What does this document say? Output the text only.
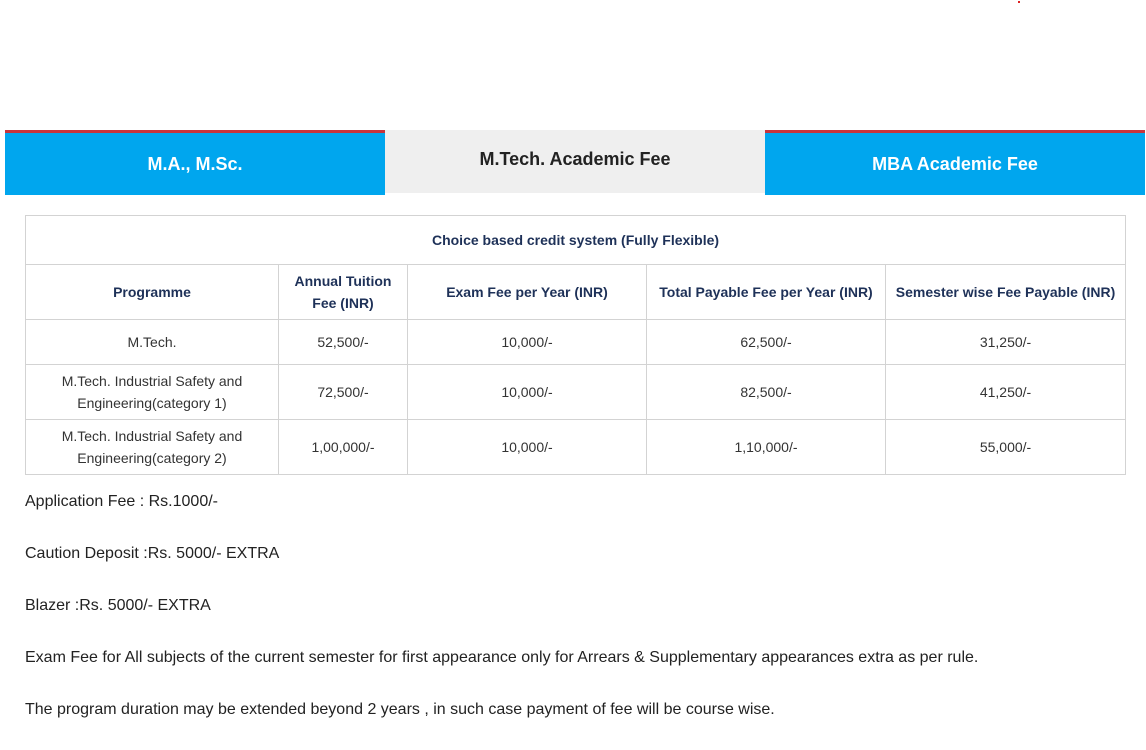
M.A., M.Sc.	M.Tech. Academic Fee	MBA Academic Fee
Choice based credit system (Fully Flexible)				
Programme	Annual Tuition Fee (INR)	Exam Fee per Year (INR)	Total Payable Fee per Year (INR)	Semester wise Fee Payable (INR)
M.Tech.	52,500/-	10,000/-	62,500/-	31,250/-
M.Tech. Industrial Safety and Engineering(category 1)	72,500/-	10,000/-	82,500/-	41,250/-
M.Tech. Industrial Safety and Engineering(category 2)	1,00,000/-	10,000/-	1,10,000/-	55,000/-

Application Fee : Rs.1000/-

Caution Deposit :Rs. 5000/- EXTRA

Blazer :Rs. 5000/- EXTRA

Exam Fee for All subjects of the current semester for first appearance only for Arrears & Supplementary appearances extra as per rule.

The program duration may be extended beyond 2 years , in such case payment of fee will be course wise.
